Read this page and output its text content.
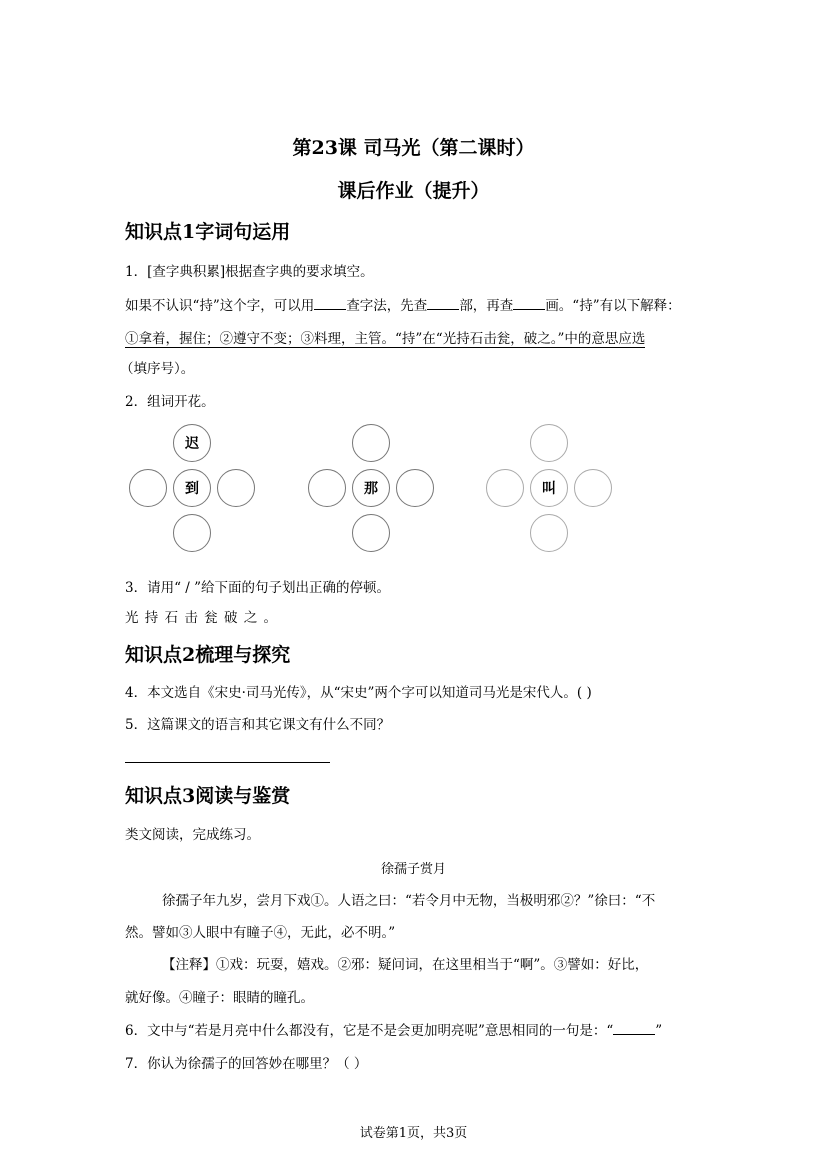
第23课 司马光（第二课时）
课后作业（提升）
知识点1字词句运用
1．[查字典积累]根据查字典的要求填空。
如果不认识“持”这个字，可以用 查字法，先查 部，再查 画。“持”有以下解释：
①拿着，握住；②遵守不变；③料理，主管。“持”在“光持石击瓮，破之。”中的意思应选
（填序号）。
2．组词开花。
迟
到	那	叫
3．请用“ / ”给下面的句子划出正确的停顿。
光 持 石 击 瓮 破 之 。
知识点2梳理与探究
4．本文选自《宋史·司马光传》，从“宋史”两个字可以知道司马光是宋代人。( )
5．这篇课文的语言和其它课文有什么不同？
知识点3阅读与鉴赏
类文阅读，完成练习。
徐孺子赏月
徐孺子年九岁，尝月下戏①。人语之曰：“若令月中无物，当极明邪②？”徐曰：“不
然。譬如③人眼中有瞳子④，无此，必不明。”
【注释】①戏：玩耍，嬉戏。②邪：疑问词，在这里相当于“啊”。③譬如：好比，
就好像。④瞳子：眼睛的瞳孔。
6．文中与“若是月亮中什么都没有，它是不是会更加明亮呢”意思相同的一句是：“	”
7．你认为徐孺子的回答妙在哪里？（ ）
试卷第1页，共3页
